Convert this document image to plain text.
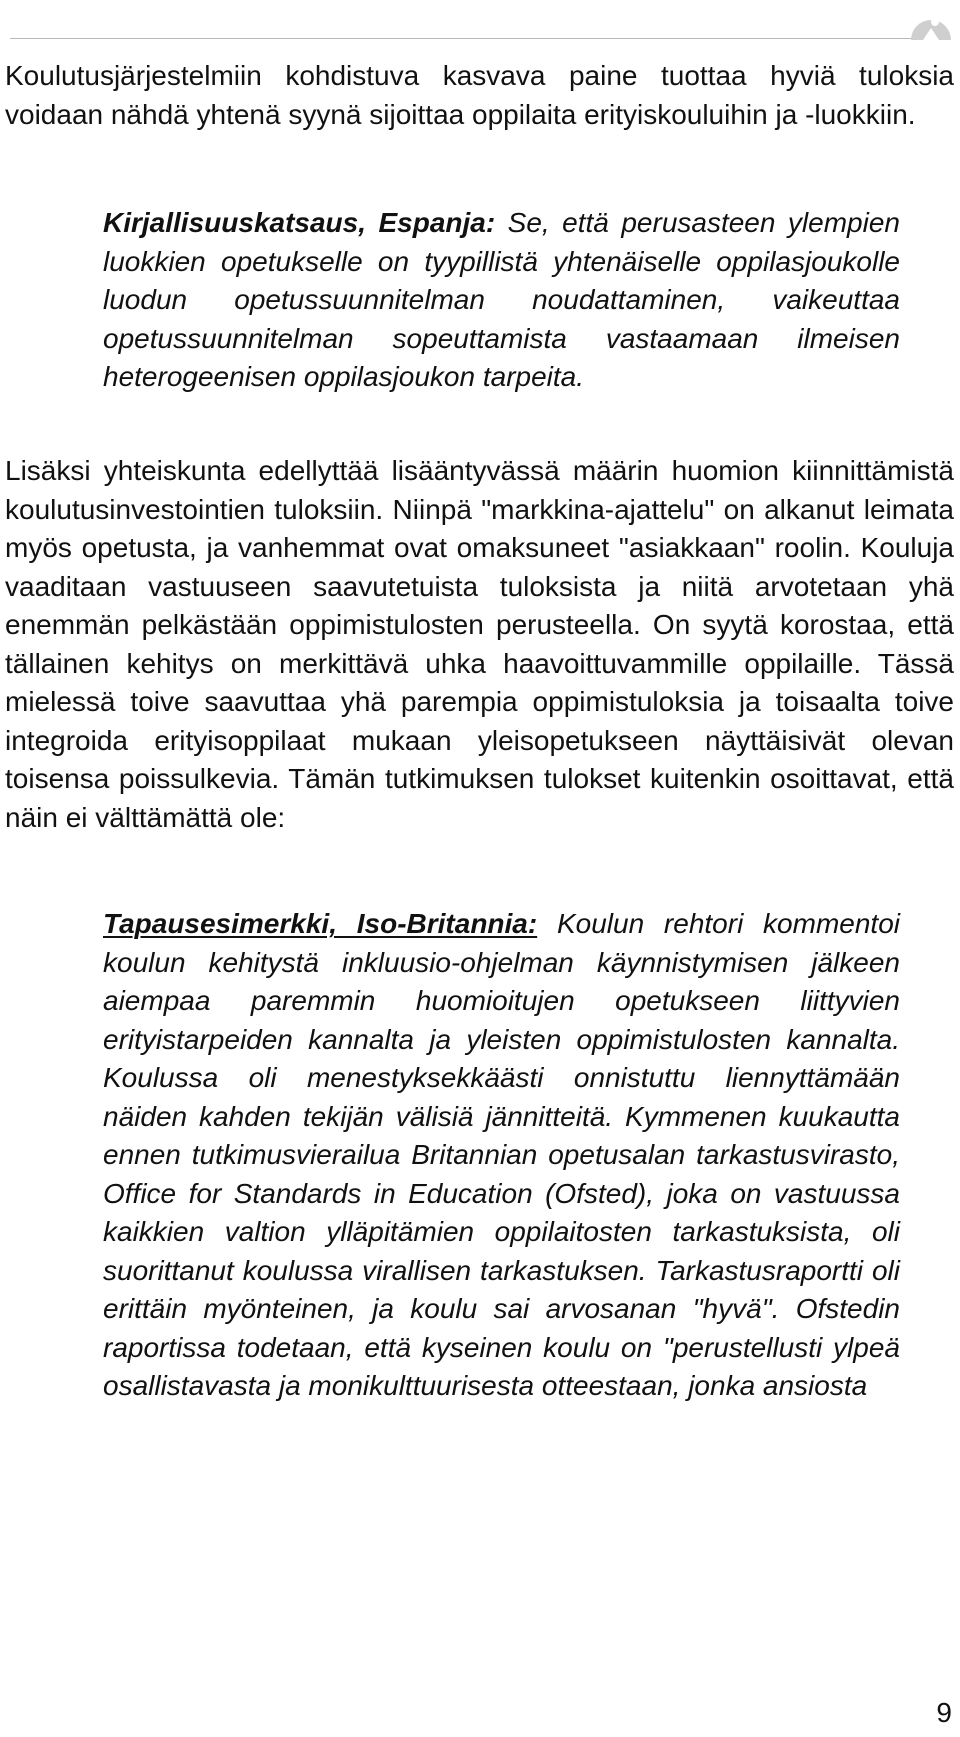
Koulutusjärjestelmiin kohdistuva kasvava paine tuottaa hyviä tuloksia voidaan nähdä yhtenä syynä sijoittaa oppilaita erityiskouluihin ja -luokkiin.

Kirjallisuuskatsaus, Espanja: Se, että perusasteen ylempien luokkien opetukselle on tyypillistä yhtenäiselle oppilasjoukolle luodun opetussuunnitelman noudattaminen, vaikeuttaa opetussuunnitelman sopeuttamista vastaamaan ilmeisen heterogeenisen oppilasjoukon tarpeita.

Lisäksi yhteiskunta edellyttää lisääntyvässä määrin huomion kiinnittämistä koulutusinvestointien tuloksiin. Niinpä "markkina-ajattelu" on alkanut leimata myös opetusta, ja vanhemmat ovat omaksuneet "asiakkaan" roolin. Kouluja vaaditaan vastuuseen saavutetuista tuloksista ja niitä arvotetaan yhä enemmän pelkästään oppimistulosten perusteella. On syytä korostaa, että tällainen kehitys on merkittävä uhka haavoittuvammille oppilaille. Tässä mielessä toive saavuttaa yhä parempia oppimistuloksia ja toisaalta toive integroida erityisoppilaat mukaan yleisopetukseen näyttäisivät olevan toisensa poissulkevia. Tämän tutkimuksen tulokset kuitenkin osoittavat, että näin ei välttämättä ole:

Tapausesimerkki, Iso-Britannia: Koulun rehtori kommentoi koulun kehitystä inkluusio-ohjelman käynnistymisen jälkeen aiempaa paremmin huomioitujen opetukseen liittyvien erityistarpeiden kannalta ja yleisten oppimistulosten kannalta. Koulussa oli menestyksekkäästi onnistuttu liennyttämään näiden kahden tekijän välisiä jännitteitä. Kymmenen kuukautta ennen tutkimusvierailua Britannian opetusalan tarkastusvirasto, Office for Standards in Education (Ofsted), joka on vastuussa kaikkien valtion ylläpitämien oppilaitosten tarkastuksista, oli suorittanut koulussa virallisen tarkastuksen. Tarkastusraportti oli erittäin myönteinen, ja koulu sai arvosanan "hyvä". Ofstedin raportissa todetaan, että kyseinen koulu on "perustellusti ylpeä osallistavasta ja monikulttuurisesta otteestaan, jonka ansiosta

9
